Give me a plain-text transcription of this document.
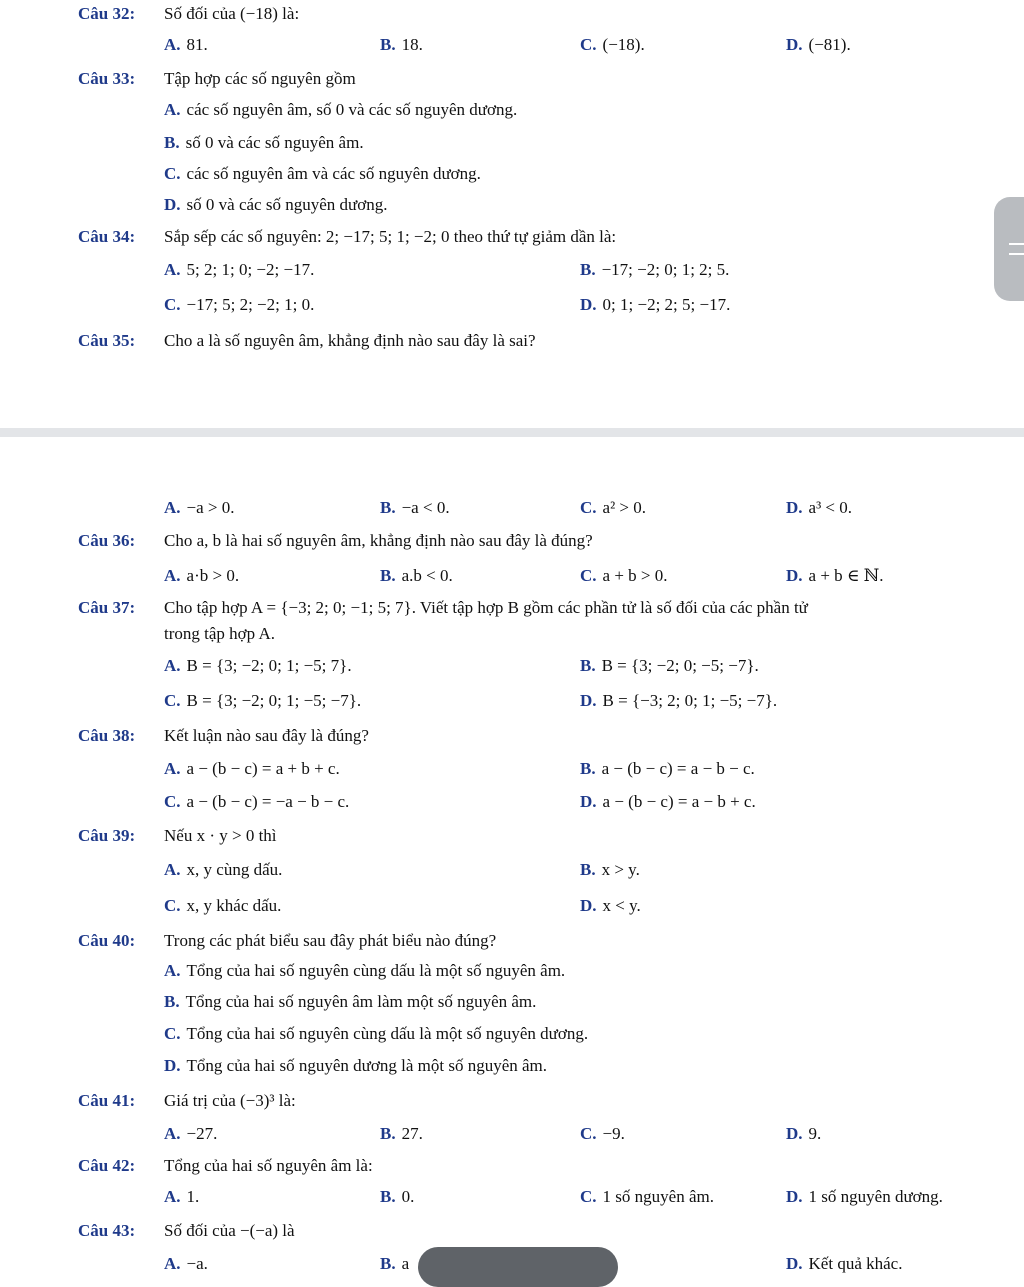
Câu 32: Số đối của (−18) là:
A. 81.	B. 18.	C. (−18).	D. (−81).
Câu 33: Tập hợp các số nguyên gồm
A. các số nguyên âm, số 0 và các số nguyên dương.
B. số 0 và các số nguyên âm.
C. các số nguyên âm và các số nguyên dương.
D. số 0 và các số nguyên dương.
Câu 34: Sắp sếp các số nguyên: 2; −17; 5; 1; −2; 0 theo thứ tự giảm dần là:
A. 5; 2; 1; 0; −2; −17.	B. −17; −2; 0; 1; 2; 5.
C. −17; 5; 2; −2; 1; 0.	D. 0; 1; −2; 2; 5; −17.
Câu 35: Cho a là số nguyên âm, khẳng định nào sau đây là sai?
A. −a > 0.	B. −a < 0.	C. a² > 0.	D. a³ < 0.
Câu 36: Cho a, b là hai số nguyên âm, khẳng định nào sau đây là đúng?
A. a·b > 0.	B. a.b < 0.	C. a + b > 0.	D. a + b ∈ ℕ.
Câu 37: Cho tập hợp A = {−3; 2; 0; −1; 5; 7}. Viết tập hợp B gồm các phần tử là số đối của các phần tử
trong tập hợp A.
A. B = {3; −2; 0; 1; −5; 7}.	B. B = {3; −2; 0; −5; −7}.
C. B = {3; −2; 0; 1; −5; −7}.	D. B = {−3; 2; 0; 1; −5; −7}.
Câu 38: Kết luận nào sau đây là đúng?
A. a − (b − c) = a + b + c.	B. a − (b − c) = a − b − c.
C. a − (b − c) = −a − b − c.	D. a − (b − c) = a − b + c.
Câu 39: Nếu x · y > 0 thì
A. x, y cùng dấu.	B. x > y.
C. x, y khác dấu.	D. x < y.
Câu 40: Trong các phát biểu sau đây phát biểu nào đúng?
A. Tổng của hai số nguyên cùng dấu là một số nguyên âm.
B. Tổng của hai số nguyên âm làm một số nguyên âm.
C. Tổng của hai số nguyên cùng dấu là một số nguyên dương.
D. Tổng của hai số nguyên dương là một số nguyên âm.
Câu 41: Giá trị của (−3)³ là:
A. −27.	B. 27.	C. −9.	D. 9.
Câu 42: Tổng của hai số nguyên âm là:
A. 1.	B. 0.	C. 1 số nguyên âm.	D. 1 số nguyên dương.
Câu 43: Số đối của −(−a) là
A. −a.	B. a	D. Kết quả khác.
